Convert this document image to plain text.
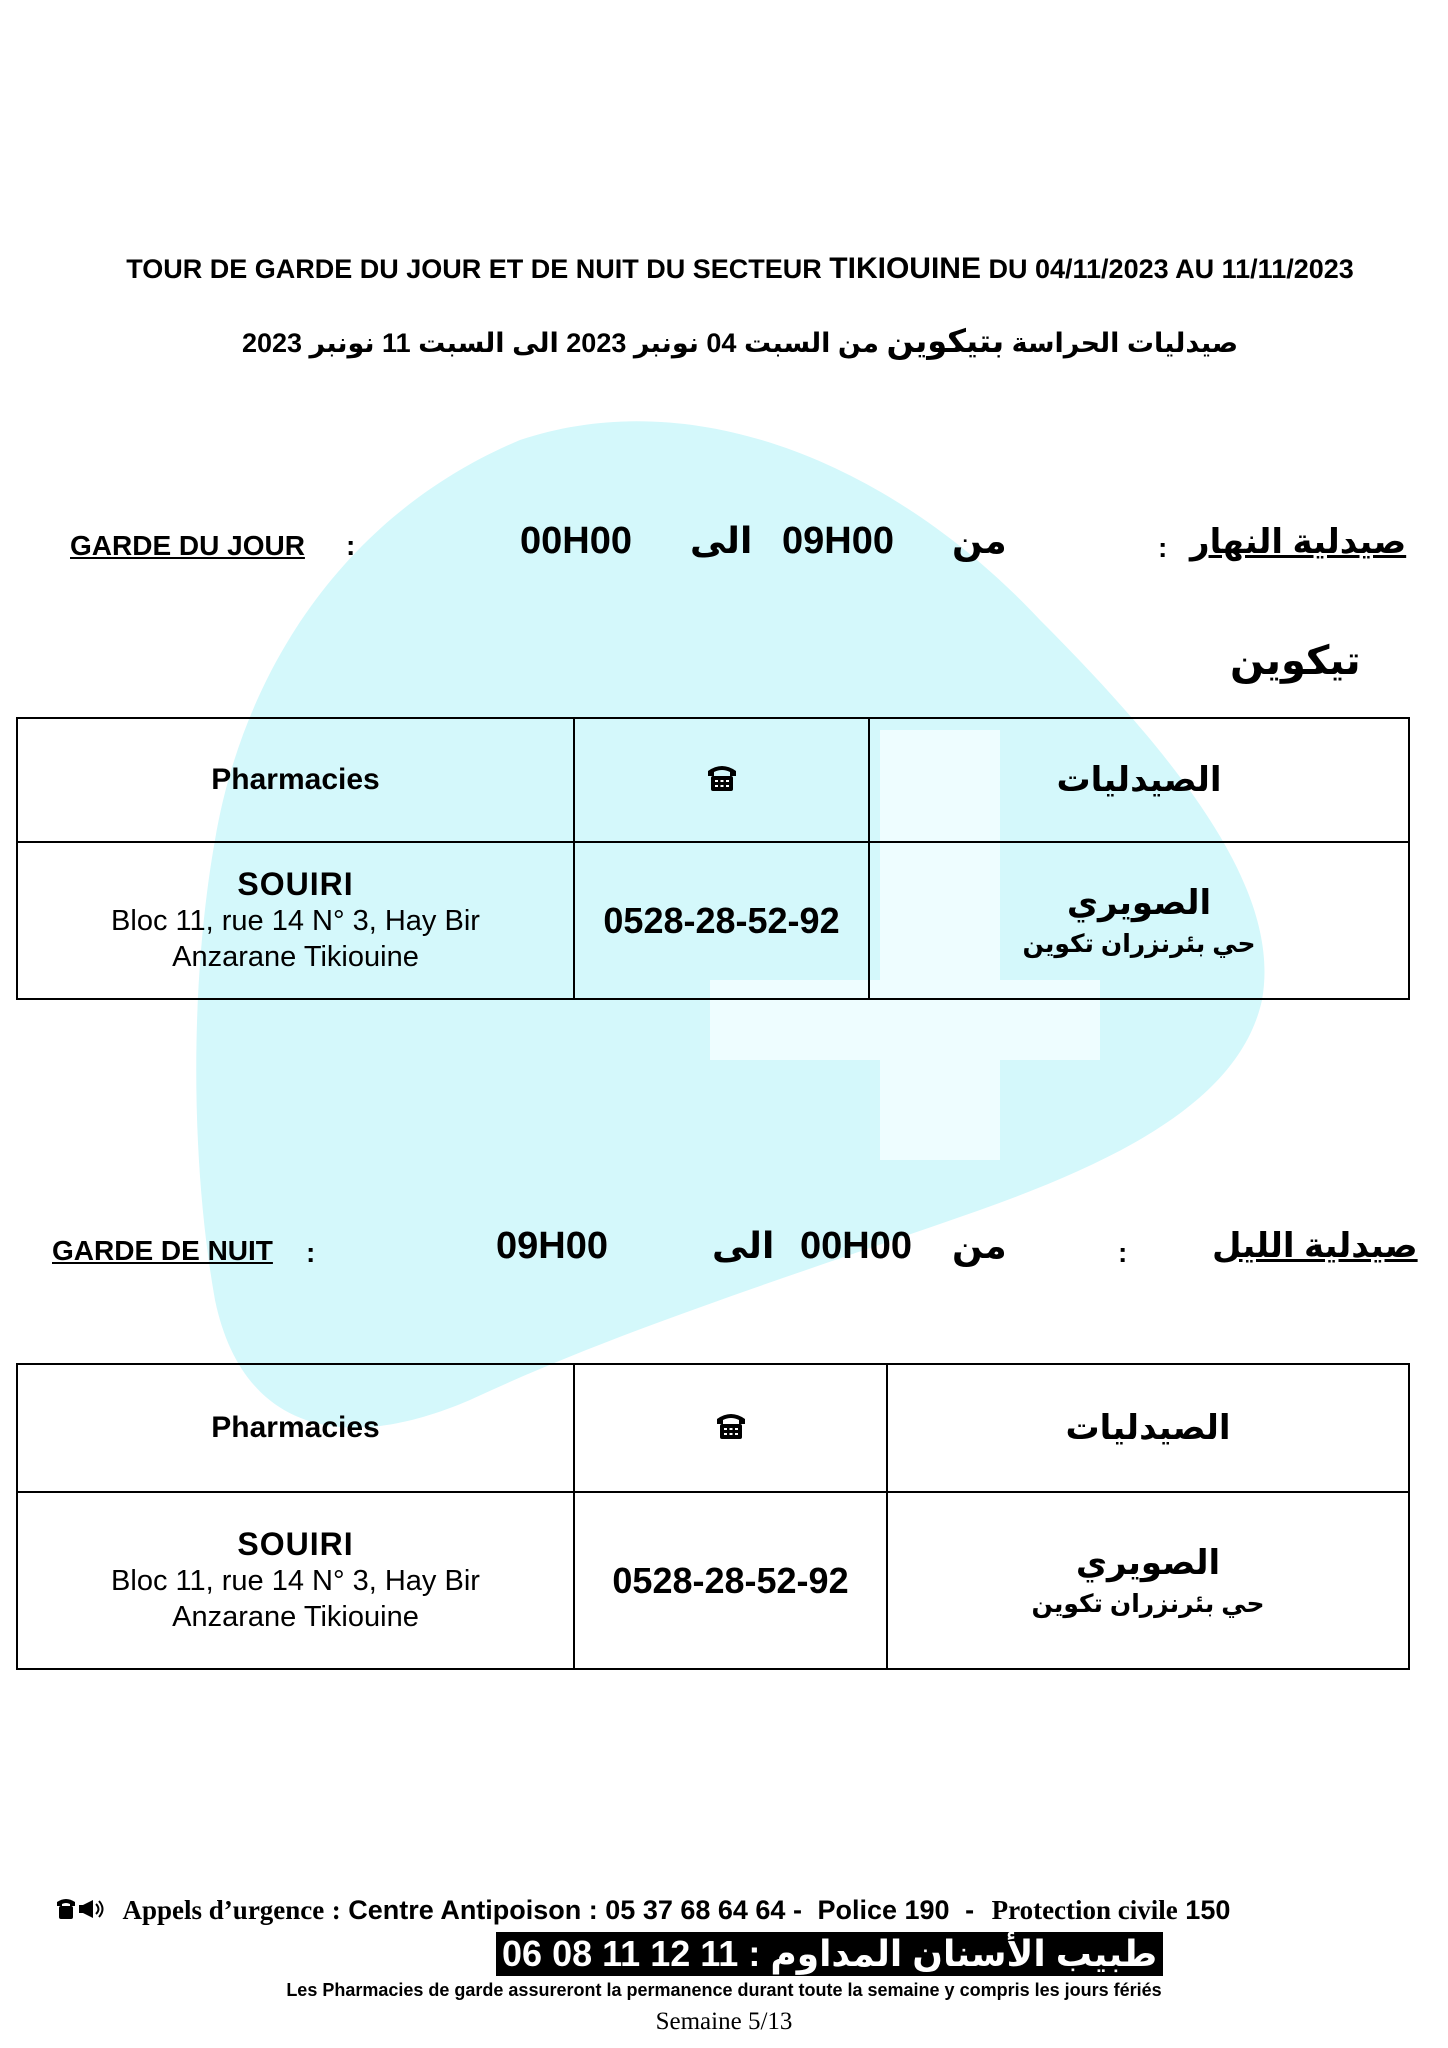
TOUR DE GARDE DU JOUR ET DE NUIT DU SECTEUR TIKIOUINE DU 04/11/2023 AU 11/11/2023
صيدليات الحراسة بتيكوين من السبت 04 نونبر 2023 الى السبت 11 نونبر 2023
GARDE DU JOUR :	00H00 الى 09H00 من	: صيدلية النهار
تيكوين
Pharmacies		الصيدليات

SOUIRI
Bloc 11, rue 14 N° 3, Hay Bir
Anzarane Tikiouine	0528-28-52-92	الصويري
حي بئرنزران تكوين
GARDE DE NUIT :	09H00	الى 00H00 من	: صيدلية الليل
Pharmacies		الصيدليات

SOUIRI
Bloc 11, rue 14 N° 3, Hay Bir
Anzarane Tikiouine	0528-28-52-92	الصويري
حي بئرنزران تكوين
Appels d’urgence : Centre Antipoison : 05 37 68 64 64 - Police 190 - Protection civile 150
طبيب الأسنان المداوم : 11 12 11 08 06
Les Pharmacies de garde assureront la permanence durant toute la semaine y compris les jours fériés
Semaine 5/13
